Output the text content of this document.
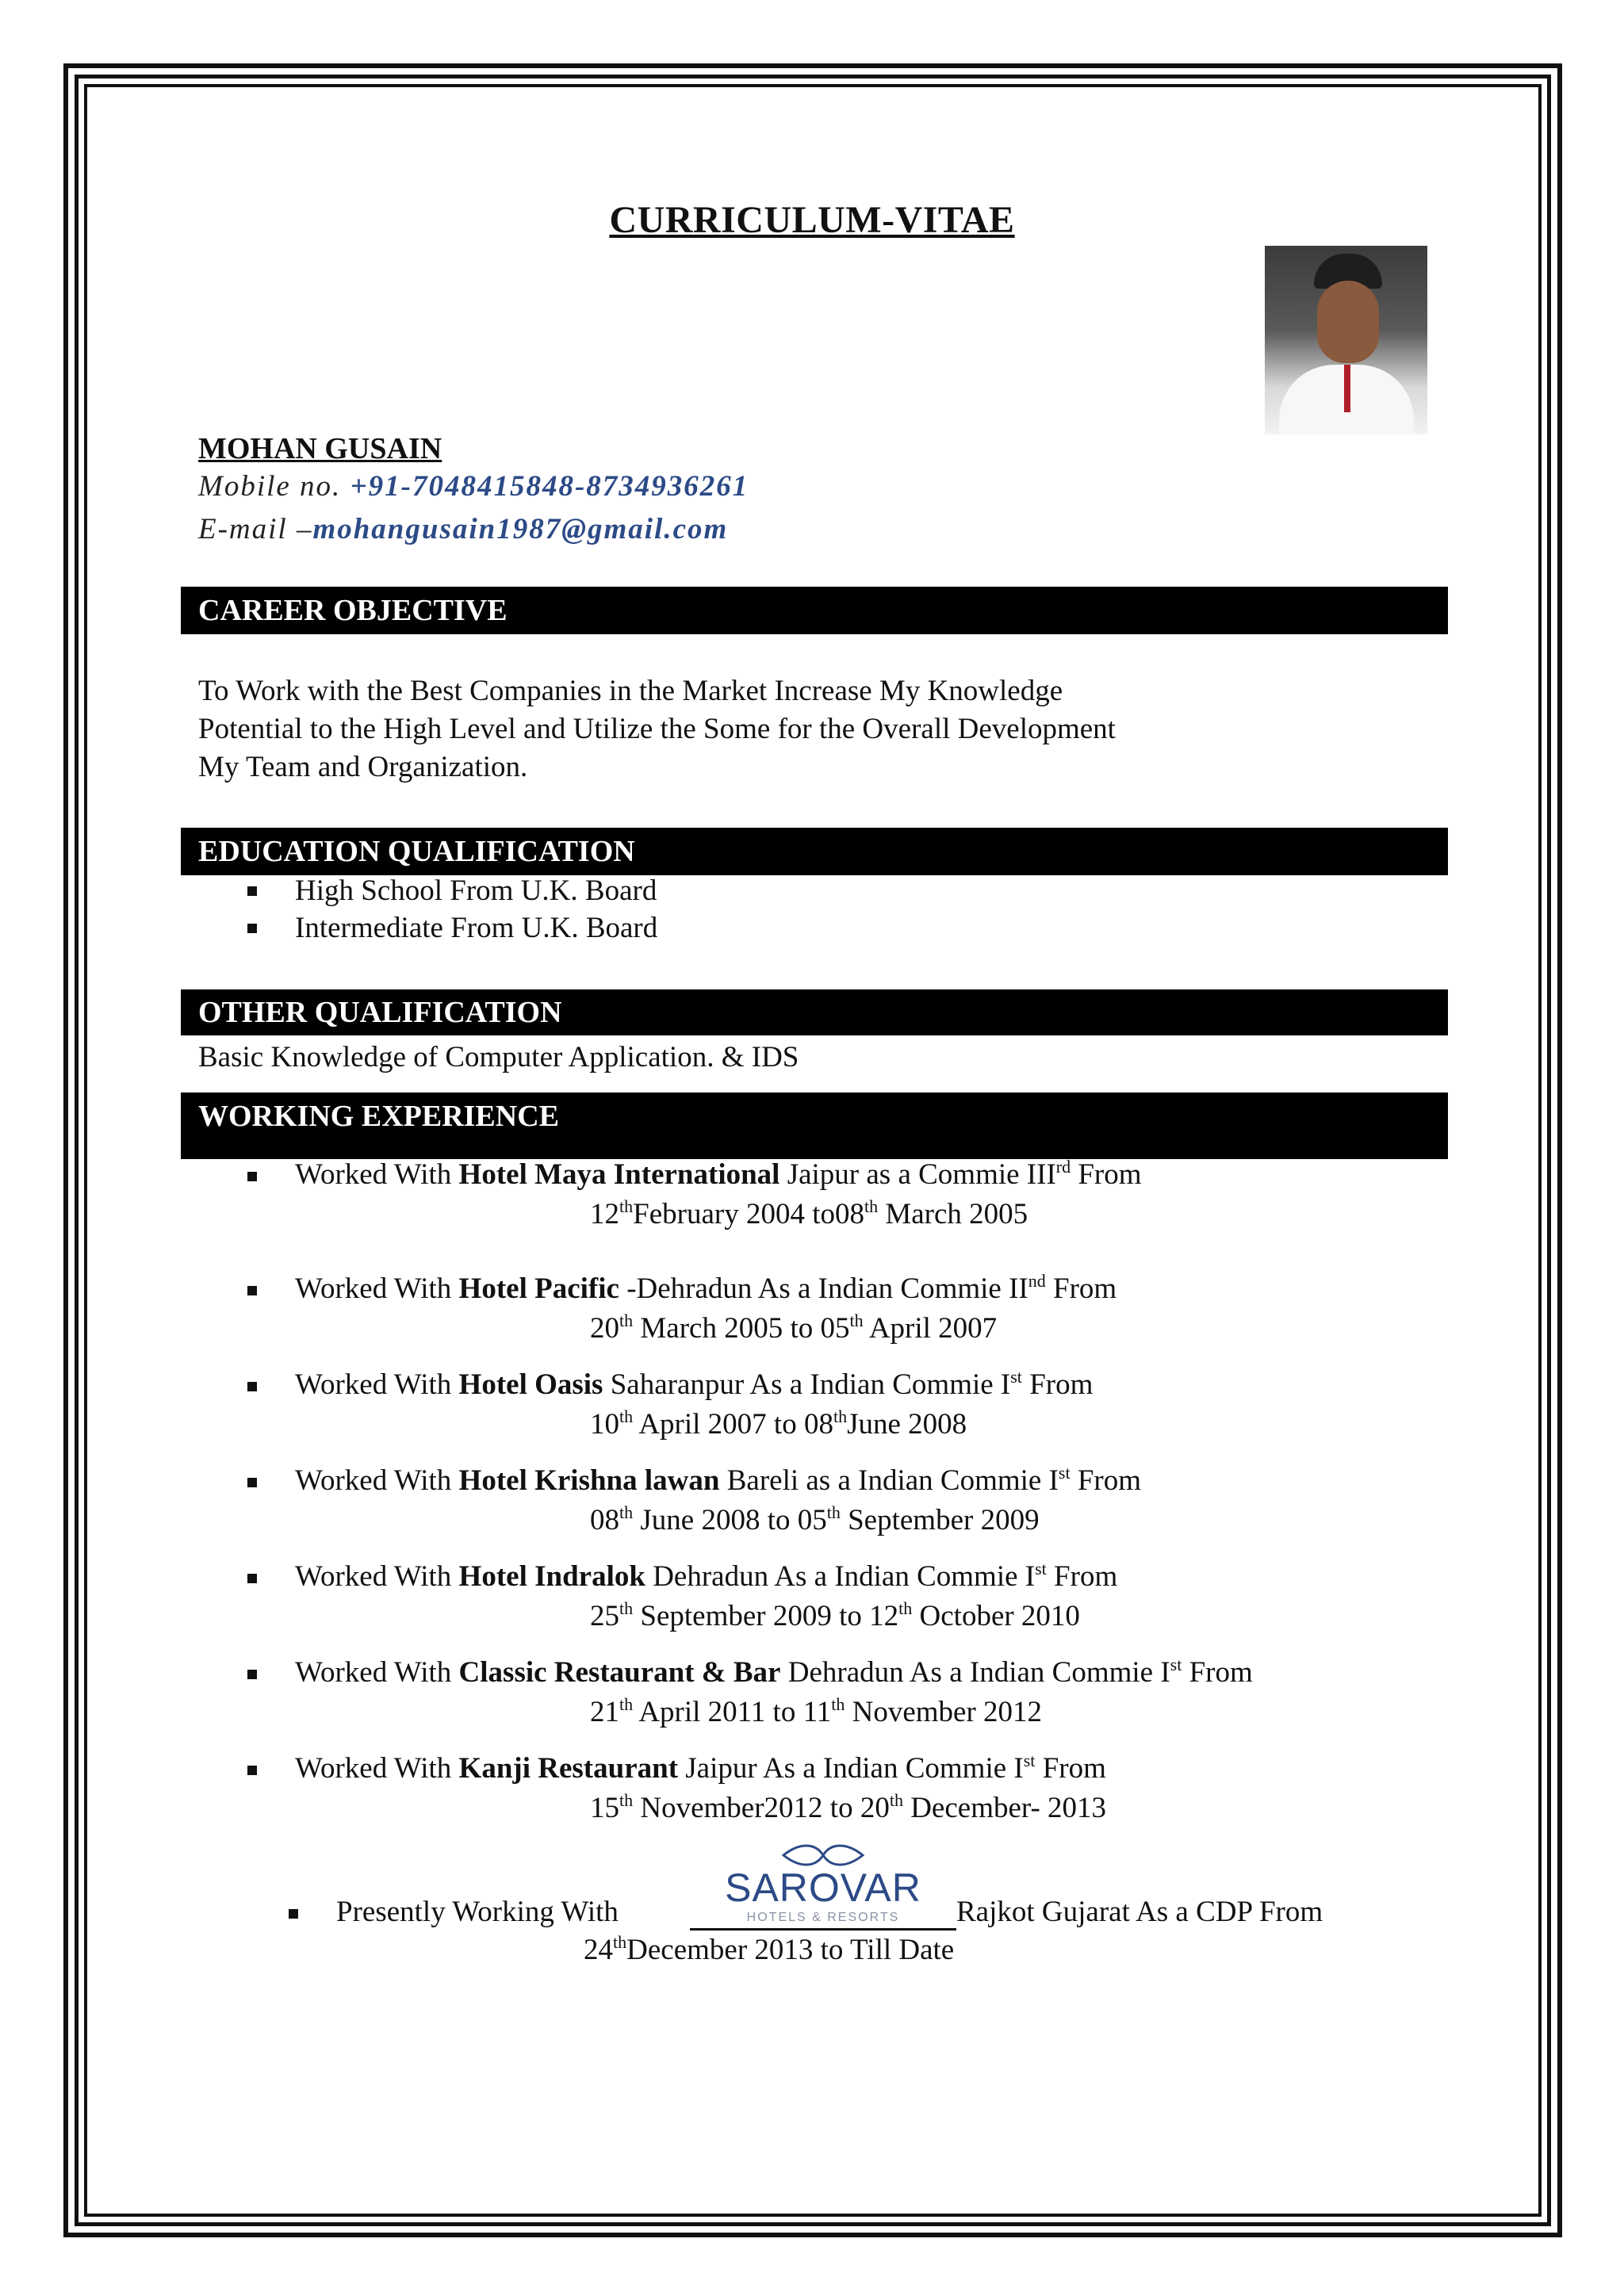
CURRICULUM-VITAE
MOHAN GUSAIN
Mobile no. +91-7048415848-8734936261
E-mail –mohangusain1987@gmail.com
CAREER OBJECTIVE
To Work with the Best Companies in the Market Increase My Knowledge
Potential to the High Level and Utilize the Some for the Overall Development
My Team and Organization.
EDUCATION QUALIFICATION
High School From U.K. Board
Intermediate From U.K. Board
OTHER QUALIFICATION
Basic Knowledge of Computer Application. & IDS
WORKING EXPERIENCE
Worked With Hotel Maya International Jaipur as a Commie IIIrd From
12thFebruary 2004 to08th March 2005
Worked With Hotel Pacific -Dehradun As a Indian Commie IInd From
20th March 2005 to 05th April 2007
Worked With Hotel Oasis Saharanpur As a Indian Commie Ist From
10th April 2007 to 08thJune 2008
Worked With Hotel Krishna lawan Bareli as a Indian Commie Ist From
08th June 2008 to 05th September 2009
Worked With Hotel Indralok Dehradun As a Indian Commie Ist From
25th September 2009 to 12th October 2010
Worked With Classic Restaurant & Bar Dehradun As a Indian Commie Ist From
21th April 2011 to 11th November 2012
Worked With Kanji Restaurant Jaipur As a Indian Commie Ist From
15th November2012 to 20th December- 2013
Presently Working With
SAROVAR
HOTELS & RESORTS	Rajkot Gujarat As a CDP From
24thDecember 2013 to Till Date
